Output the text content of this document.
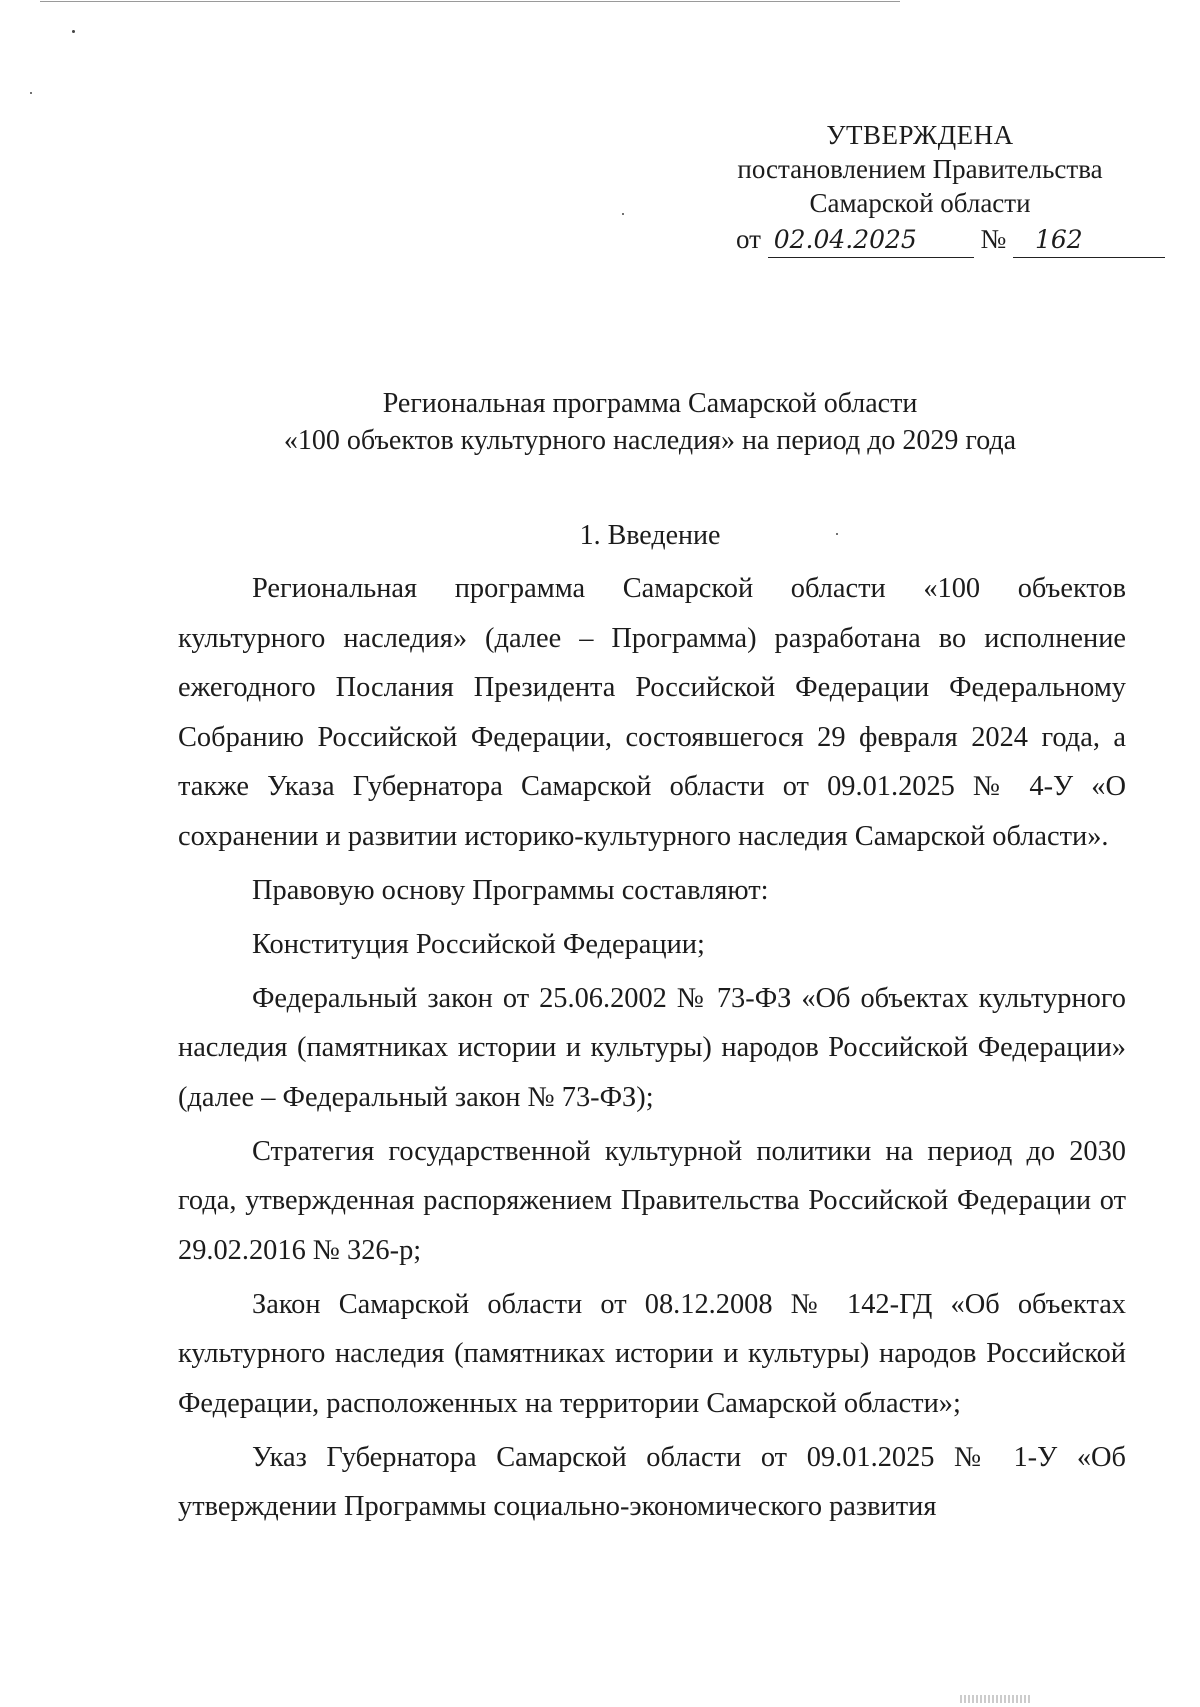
УТВЕРЖДЕНА
постановлением Правительства
Самарской области
от 02.04.2025 № 162
Региональная программа Самарской области
«100 объектов культурного наследия» на период до 2029 года
1. Введение

Региональная программа Самарской области «100 объектов культурного наследия» (далее – Программа) разработана во исполнение ежегодного Послания Президента Российской Федерации Федеральному Собранию Российской Федерации, состоявшегося 29 февраля 2024 года, а также Указа Губернатора Самарской области от 09.01.2025 № 4-У «О сохранении и развитии историко-культурного наследия Самарской области».

Правовую основу Программы составляют:

Конституция Российской Федерации;

Федеральный закон от 25.06.2002 № 73-ФЗ «Об объектах культурного наследия (памятниках истории и культуры) народов Российской Федерации» (далее – Федеральный закон № 73-ФЗ);

Стратегия государственной культурной политики на период до 2030 года, утвержденная распоряжением Правительства Российской Федерации от 29.02.2016 № 326-р;

Закон Самарской области от 08.12.2008 № 142-ГД «Об объектах культурного наследия (памятниках истории и культуры) народов Российской Федерации, расположенных на территории Самарской области»;

Указ Губернатора Самарской области от 09.01.2025 № 1-У «Об утверждении Программы социально-экономического развития
